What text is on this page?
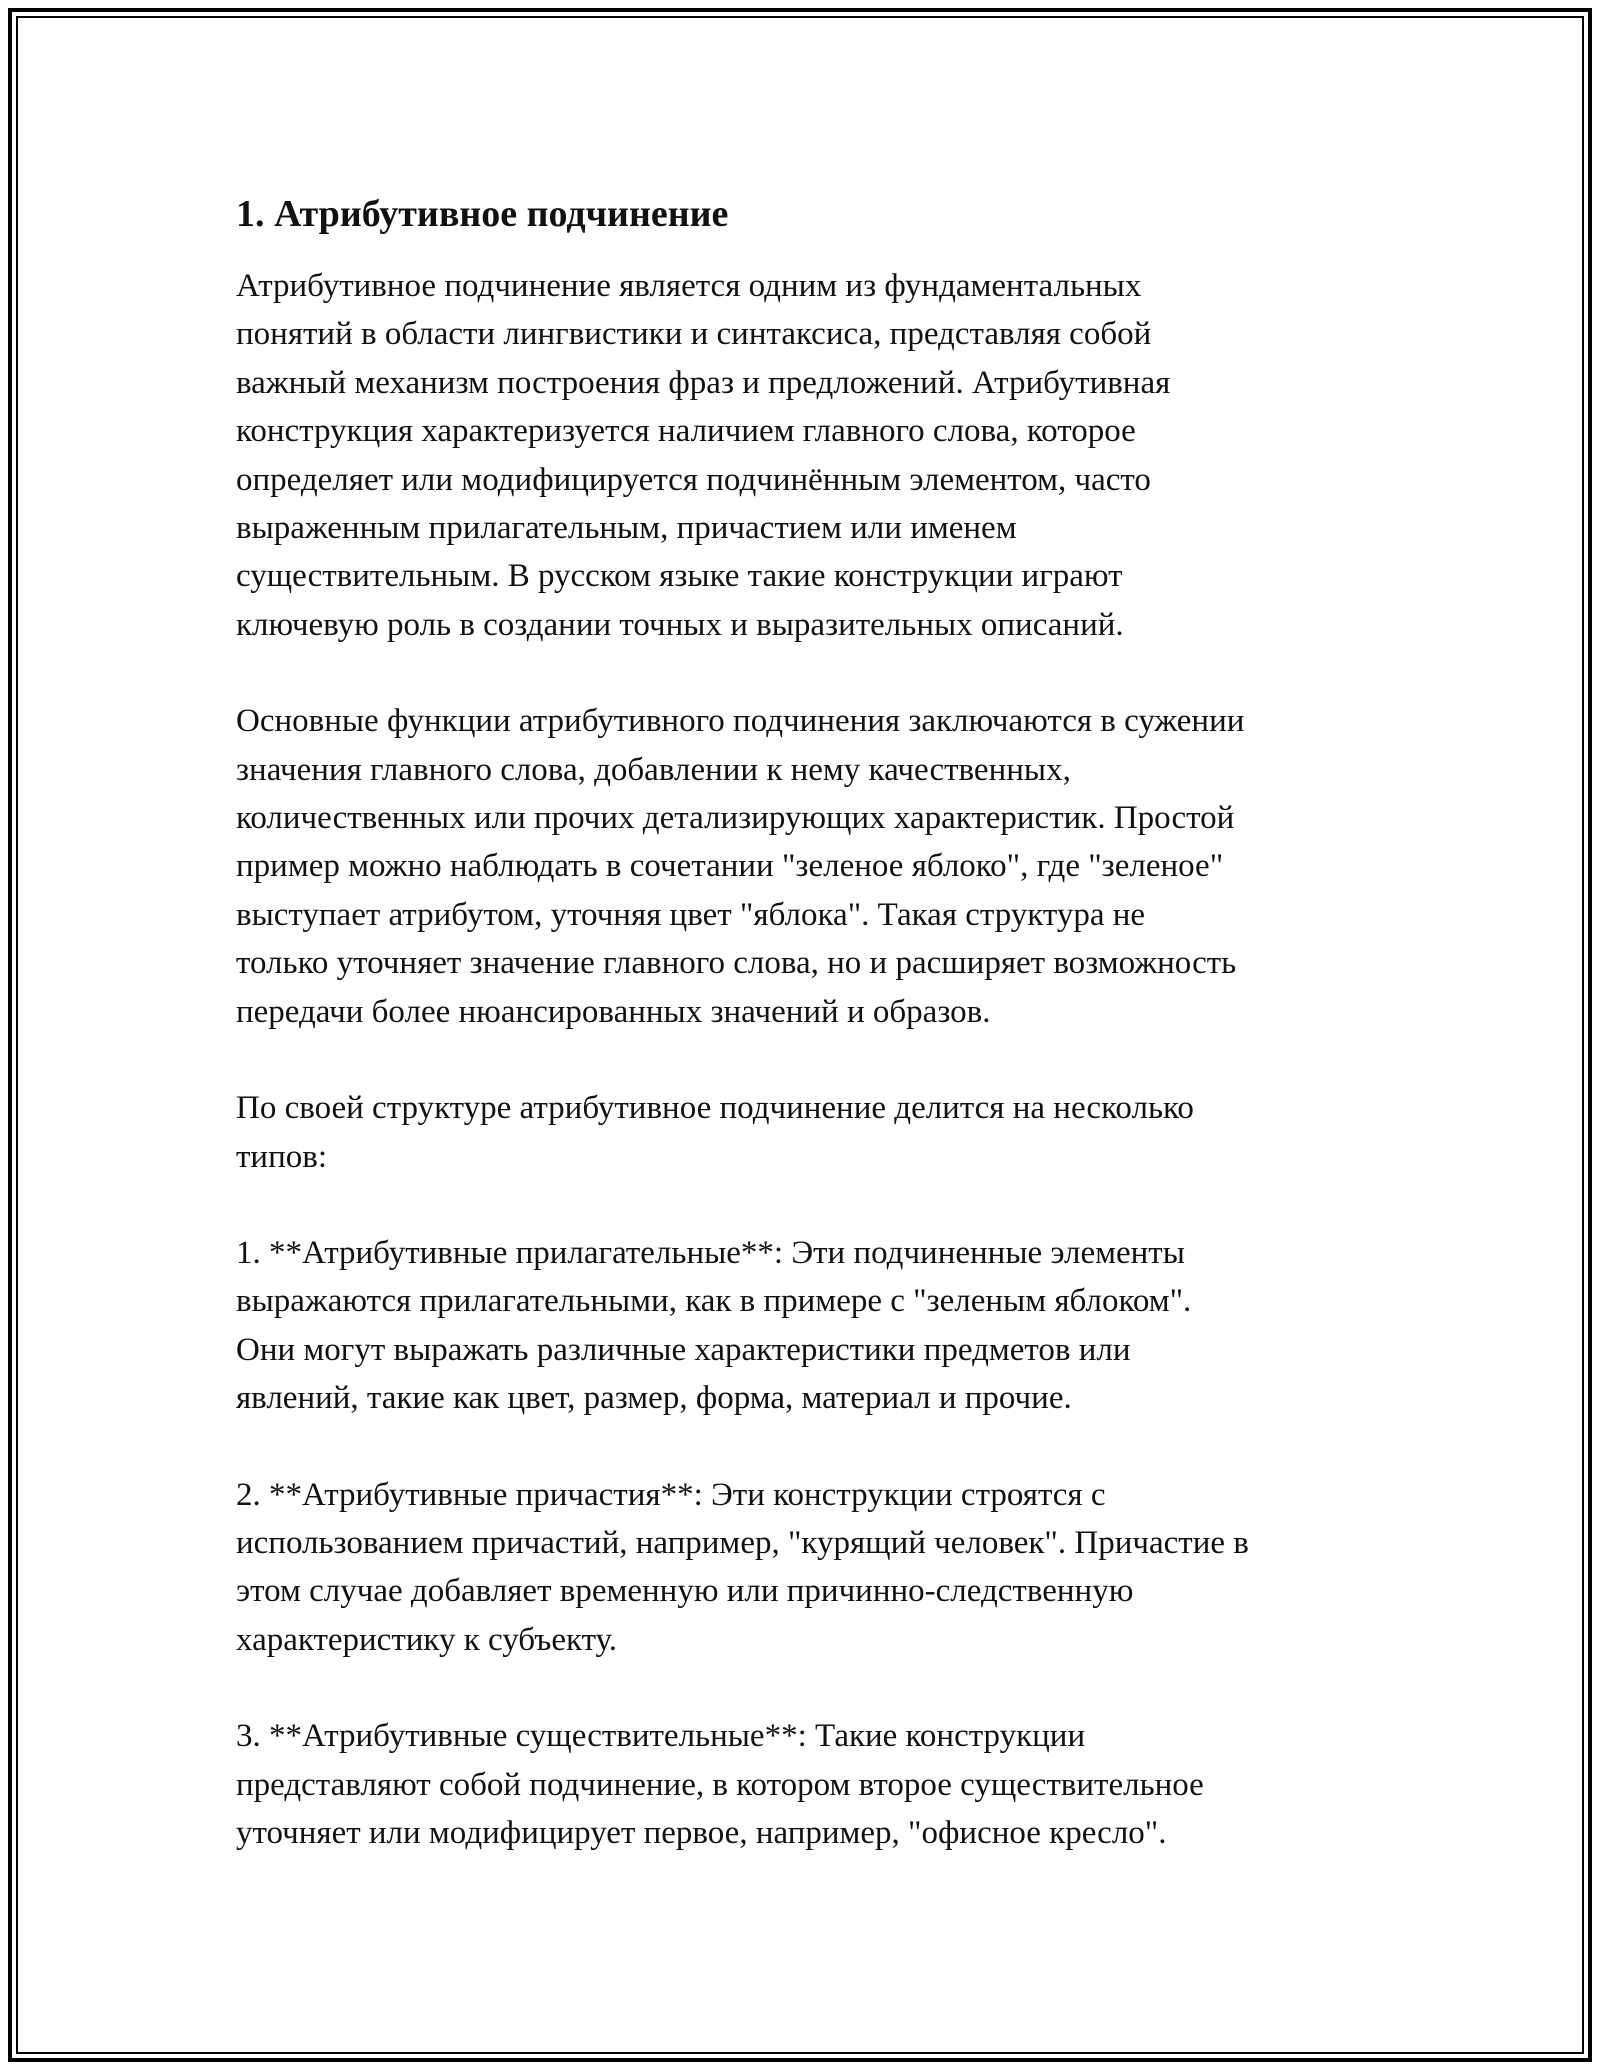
1. Атрибутивное подчинение

Атрибутивное подчинение является одним из фундаментальных
понятий в области лингвистики и синтаксиса, представляя собой
важный механизм построения фраз и предложений. Атрибутивная
конструкция характеризуется наличием главного слова, которое
определяет или модифицируется подчинённым элементом, часто
выраженным прилагательным, причастием или именем
существительным. В русском языке такие конструкции играют
ключевую роль в создании точных и выразительных описаний.

Основные функции атрибутивного подчинения заключаются в сужении
значения главного слова, добавлении к нему качественных,
количественных или прочих детализирующих характеристик. Простой
пример можно наблюдать в сочетании "зеленое яблоко", где "зеленое"
выступает атрибутом, уточняя цвет "яблока". Такая структура не
только уточняет значение главного слова, но и расширяет возможность
передачи более нюансированных значений и образов.

По своей структуре атрибутивное подчинение делится на несколько
типов:

1. **Атрибутивные прилагательные**: Эти подчиненные элементы
выражаются прилагательными, как в примере с "зеленым яблоком".
Они могут выражать различные характеристики предметов или
явлений, такие как цвет, размер, форма, материал и прочие.

2. **Атрибутивные причастия**: Эти конструкции строятся с
использованием причастий, например, "курящий человек". Причастие в
этом случае добавляет временную или причинно-следственную
характеристику к субъекту.

3. **Атрибутивные существительные**: Такие конструкции
представляют собой подчинение, в котором второе существительное
уточняет или модифицирует первое, например, "офисное кресло".
